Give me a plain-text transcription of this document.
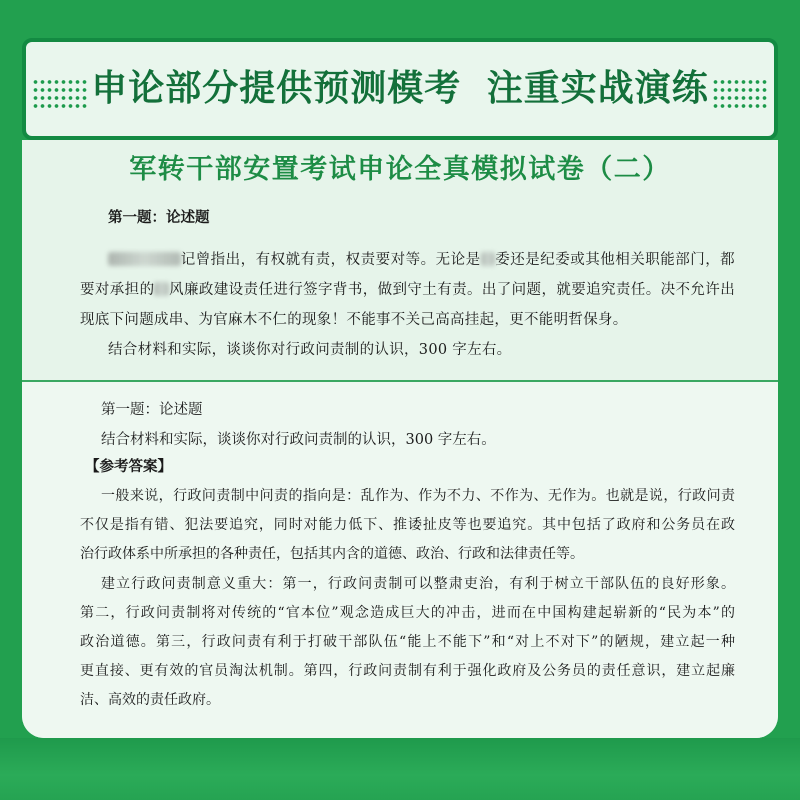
申论部分提供预测模考 注重实战演练
军转干部安置考试申论全真模拟试卷（二）
第一题：论述题
记曾指出，有权就有责，权责要对等。无论是 委还是纪委或其他相关职能部门，都
要对承担的 风廉政建设责任进行签字背书，做到守土有责。出了问题，就要追究责任。决不允许出
现底下问题成串、为官麻木不仁的现象！不能事不关己高高挂起，更不能明哲保身。
结合材料和实际，谈谈你对行政问责制的认识，300 字左右。
第一题：论述题
结合材料和实际，谈谈你对行政问责制的认识，300 字左右。
【参考答案】
一般来说，行政问责制中问责的指向是：乱作为、作为不力、不作为、无作为。也就是说，行政问责
不仅是指有错、犯法要追究，同时对能力低下、推诿扯皮等也要追究。其中包括了政府和公务员在政
治行政体系中所承担的各种责任，包括其内含的道德、政治、行政和法律责任等。
建立行政问责制意义重大：第一，行政问责制可以整肃吏治，有利于树立干部队伍的良好形象。
第二，行政问责制将对传统的“官本位”观念造成巨大的冲击，进而在中国构建起崭新的“民为本”的
政治道德。第三，行政问责有利于打破干部队伍“能上不能下”和“对上不对下”的陋规，建立起一种
更直接、更有效的官员淘汰机制。第四，行政问责制有利于强化政府及公务员的责任意识，建立起廉
洁、高效的责任政府。
